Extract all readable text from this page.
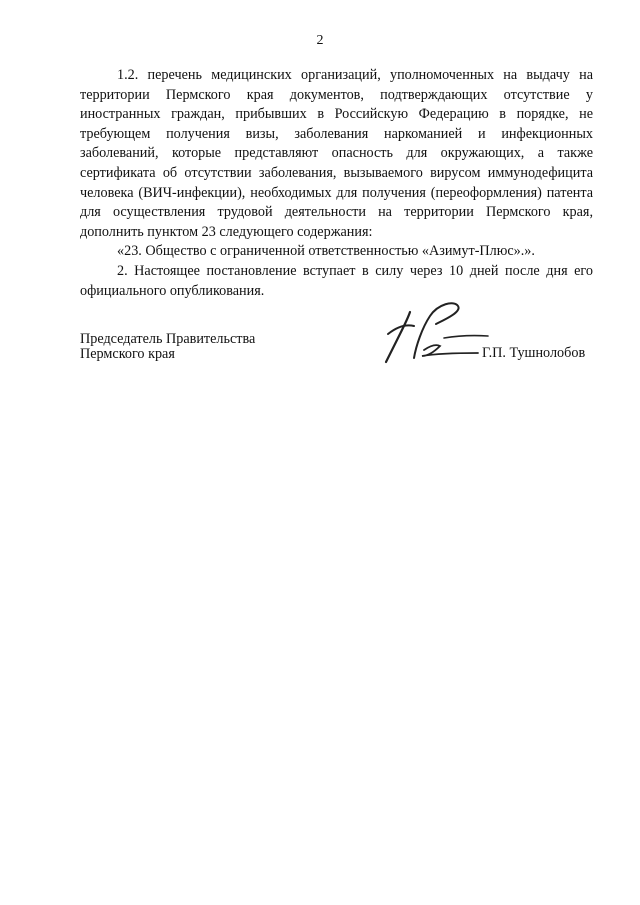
2

1.2. перечень медицинских организаций, уполномоченных на выдачу на территории Пермского края документов, подтверждающих отсутствие у иностранных граждан, прибывших в Российскую Федерацию в порядке, не требующем получения визы, заболевания наркоманией и инфекционных заболеваний, которые представляют опасность для окружающих, а также сертификата об отсутствии заболевания, вызываемого вирусом иммунодефицита человека (ВИЧ-инфекции), необходимых для получения (переоформления) патента для осуществления трудовой деятельности на территории Пермского края, дополнить пунктом 23 следующего содержания:

«23. Общество с ограниченной ответственностью «Азимут-Плюс».».

2. Настоящее постановление вступает в силу через 10 дней после дня его официального опубликования.

Председатель Правительства
Пермского края	Г.П. Тушнолобов
